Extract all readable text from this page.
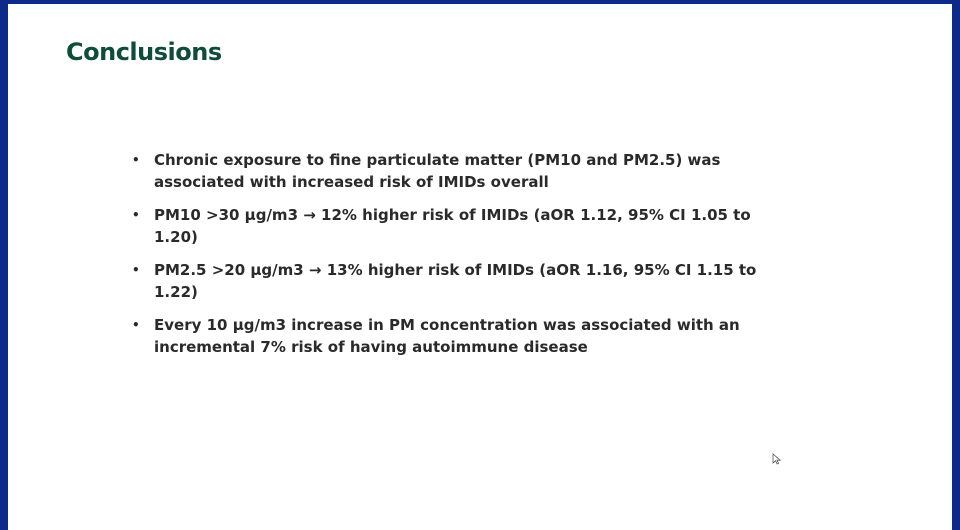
Conclusions
• Chronic exposure to fine particulate matter (PM10 and PM2.5) was associated with increased risk of IMIDs overall
• PM10 >30 μg/m3 → 12% higher risk of IMIDs (aOR 1.12, 95% CI 1.05 to 1.20)
• PM2.5 >20 μg/m3 → 13% higher risk of IMIDs (aOR 1.16, 95% CI 1.15 to 1.22)
• Every 10 μg/m3 increase in PM concentration was associated with an incremental 7% risk of having autoimmune disease
